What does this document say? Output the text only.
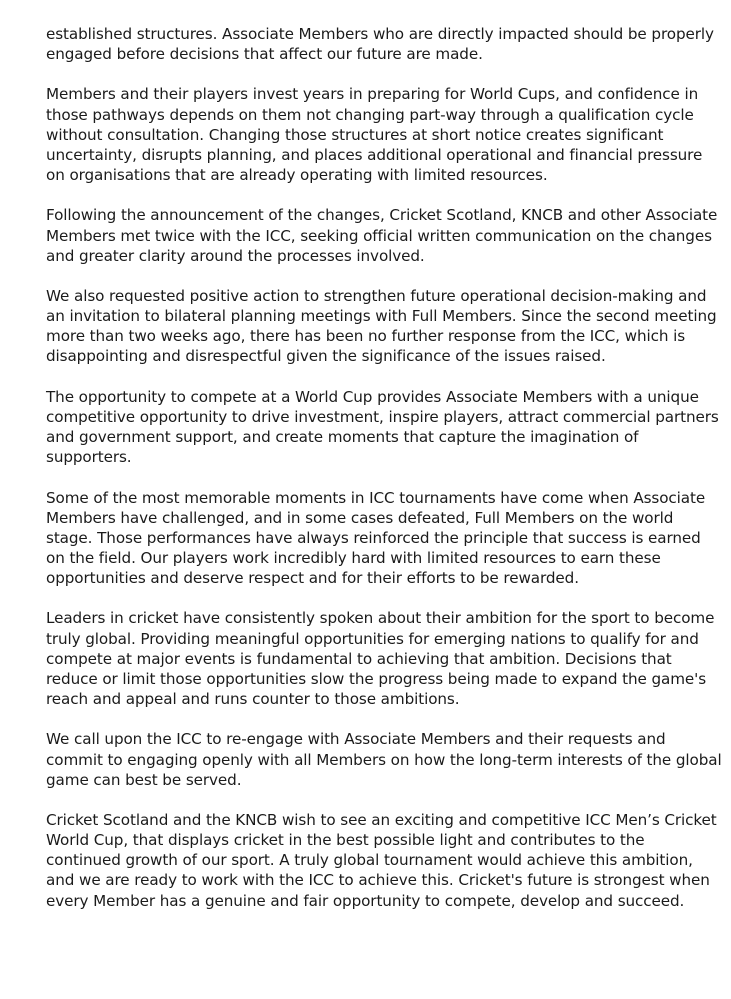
established structures. Associate Members who are directly impacted should be properly engaged before decisions that affect our future are made.

Members and their players invest years in preparing for World Cups, and confidence in those pathways depends on them not changing part-way through a qualification cycle without consultation. Changing those structures at short notice creates significant uncertainty, disrupts planning, and places additional operational and financial pressure on organisations that are already operating with limited resources.

Following the announcement of the changes, Cricket Scotland, KNCB and other Associate Members met twice with the ICC, seeking official written communication on the changes and greater clarity around the processes involved.

We also requested positive action to strengthen future operational decision-making and an invitation to bilateral planning meetings with Full Members. Since the second meeting more than two weeks ago, there has been no further response from the ICC, which is disappointing and disrespectful given the significance of the issues raised.

The opportunity to compete at a World Cup provides Associate Members with a unique competitive opportunity to drive investment, inspire players, attract commercial partners and government support, and create moments that capture the imagination of supporters.

Some of the most memorable moments in ICC tournaments have come when Associate Members have challenged, and in some cases defeated, Full Members on the world stage. Those performances have always reinforced the principle that success is earned on the field. Our players work incredibly hard with limited resources to earn these opportunities and deserve respect and for their efforts to be rewarded.

Leaders in cricket have consistently spoken about their ambition for the sport to become truly global. Providing meaningful opportunities for emerging nations to qualify for and compete at major events is fundamental to achieving that ambition. Decisions that reduce or limit those opportunities slow the progress being made to expand the game's reach and appeal and runs counter to those ambitions.

We call upon the ICC to re-engage with Associate Members and their requests and commit to engaging openly with all Members on how the long-term interests of the global game can best be served.

Cricket Scotland and the KNCB wish to see an exciting and competitive ICC Men’s Cricket World Cup, that displays cricket in the best possible light and contributes to the continued growth of our sport. A truly global tournament would achieve this ambition, and we are ready to work with the ICC to achieve this. Cricket's future is strongest when every Member has a genuine and fair opportunity to compete, develop and succeed.
